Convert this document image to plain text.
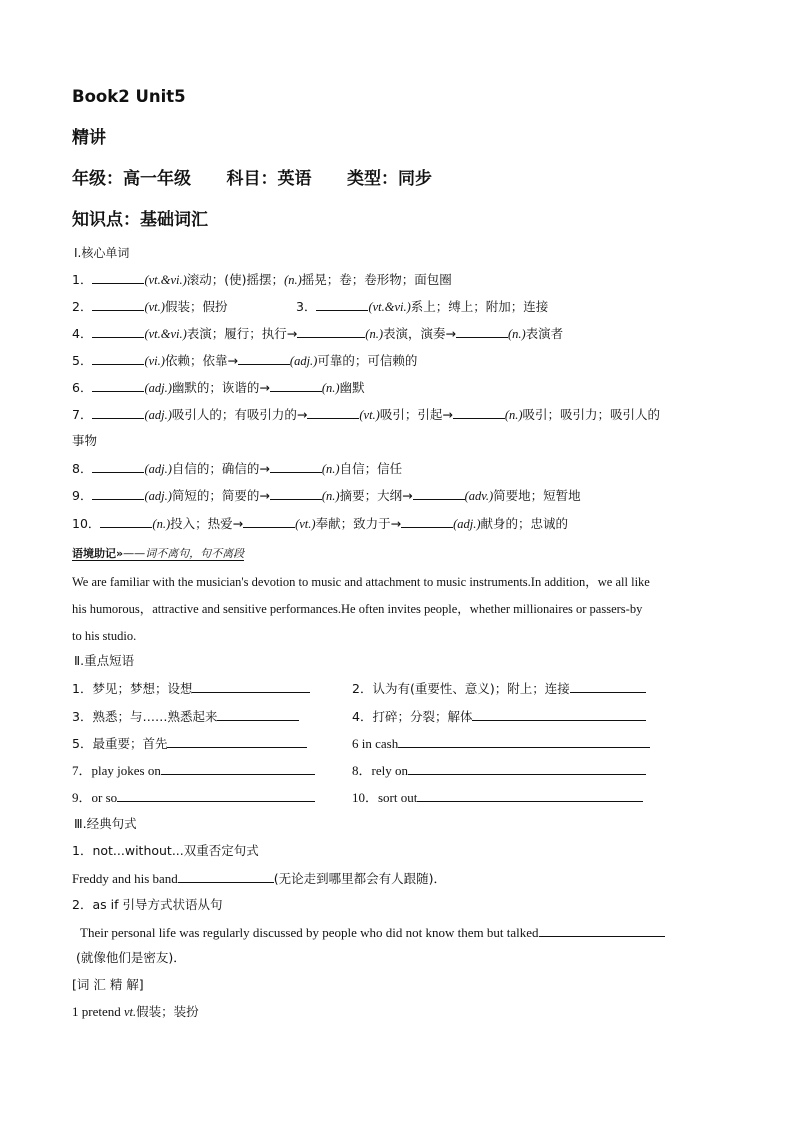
Book2 Unit5
精讲
年级：高一年级      科目：英语      类型：同步
知识点：基础词汇
Ⅰ.核心单词
1．	(vt.&vi.)滚动；(使)摇摆；(n.)摇晃；卷；卷形物；面包圈
2．	(vt.)假装；假扮	3．	(vt.&vi.)系上；缚上；附加；连接
4．	(vt.&vi.)表演；履行；执行→	(n.)表演，演奏→	(n.)表演者
5．	(vi.)依赖；依靠→	(adj.)可靠的；可信赖的
6．	(adj.)幽默的；诙谐的→	(n.)幽默
7．	(adj.)吸引人的；有吸引力的→	(vt.)吸引；引起→	(n.)吸引；吸引力；吸引人的
事物
8．	(adj.)自信的；确信的→	(n.)自信；信任
9．	(adj.)简短的；简要的→	(n.)摘要；大纲→	(adv.)简要地；短暂地
10．	(n.)投入；热爱→	(vt.)奉献；致力于→	(adj.)献身的；忠诚的
语境助记»——词不离句，句不离段
We are familiar with the musician's devotion to music and attachment to music instruments.In addition，we all like
his humorous，attractive and sensitive performances.He often invites people，whether millionaires or passers-by
to his studio.
Ⅱ.重点短语
1．梦见；梦想；设想	2．认为有(重要性、意义)；附上；连接
3．熟悉；与……熟悉起来	4．打碎；分裂；解体
5．最重要；首先	6 in cash
7．play jokes on	8．rely on
9．or so	10．sort out
Ⅲ.经典句式
1．not...without...双重否定句式
Freddy and his band	(无论走到哪里都会有人跟随)．
2．as if 引导方式状语从句
Their personal life was regularly discussed by people who did not know them but talked
(就像他们是密友)．
[词 汇 精 解]
1 pretend vt.假装；装扮
